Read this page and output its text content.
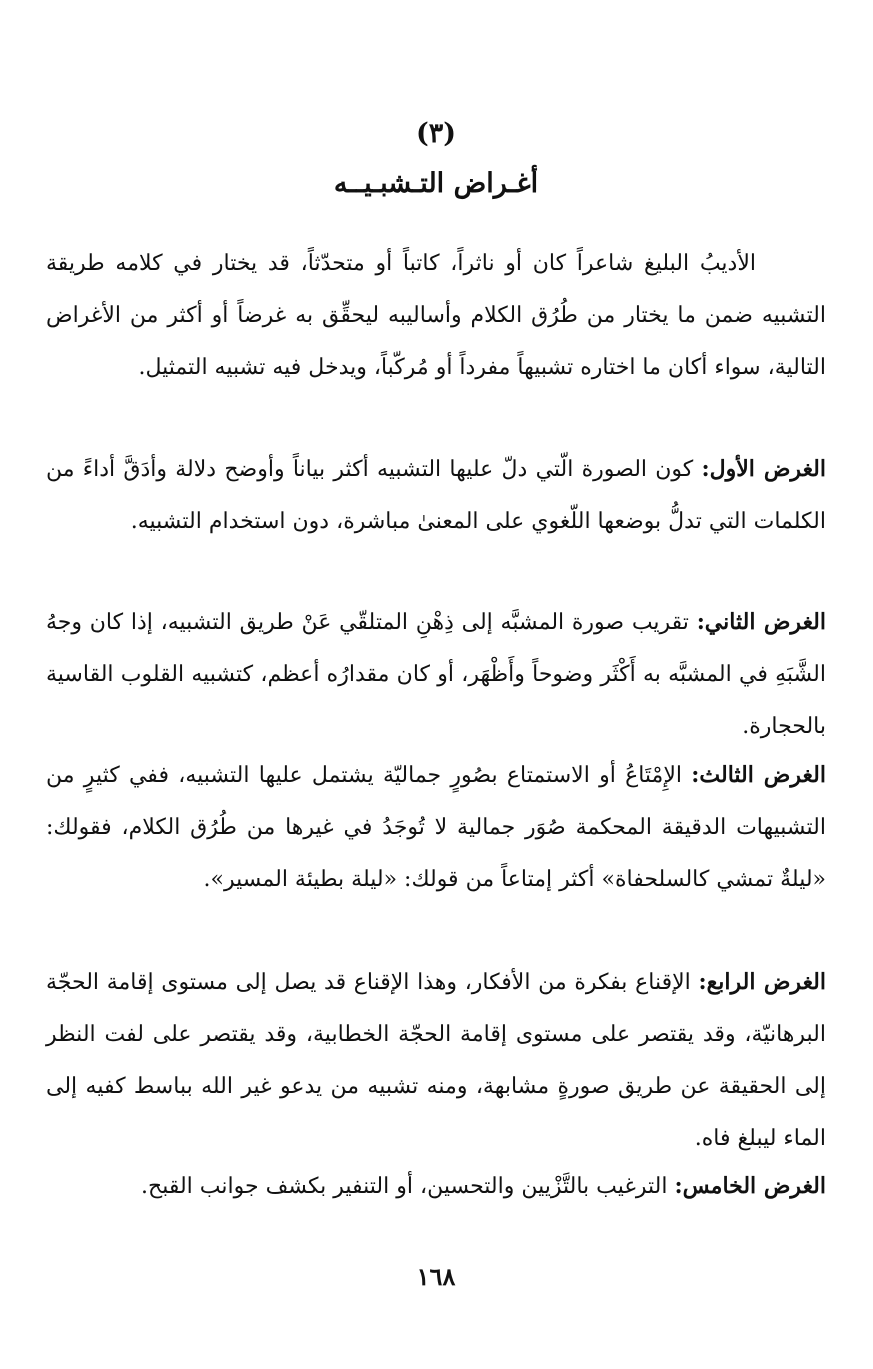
(٣)
أغـراض التـشبـيــه

الأديبُ البليغ شاعراً كان أو ناثراً، كاتباً أو متحدّثاً، قد يختار في كلامه طريقة التشبيه ضمن ما يختار من طُرُق الكلام وأساليبه ليحقِّق به غرضاً أو أكثر من الأغراض التالية، سواء أكان ما اختاره تشبيهاً مفرداً أو مُركّباً، ويدخل فيه تشبيه التمثيل.

الغرض الأول: كون الصورة الّتي دلّ عليها التشبيه أكثر بياناً وأوضح دلالة وأدَقَّ أداءً من الكلمات التي تدلُّ بوضعها اللّغوي على المعنىٰ مباشرة، دون استخدام التشبيه.

الغرض الثاني: تقريب صورة المشبَّه إلى ذِهْنِ المتلقّي عَنْ طريق التشبيه، إذا كان وجهُ الشَّبَهِ في المشبَّه به أَكْثَر وضوحاً وأَظْهَر، أو كان مقدارُه أعظم، كتشبيه القلوب القاسية بالحجارة.

الغرض الثالث: الإِمْتَاعُ أو الاستمتاع بصُورٍ جماليّة يشتمل عليها التشبيه، ففي كثيرٍ من التشبيهات الدقيقة المحكمة صُوَر جمالية لا تُوجَدُ في غيرها من طُرُق الكلام، فقولك: «ليلةٌ تمشي كالسلحفاة» أكثر إمتاعاً من قولك: «ليلة بطيئة المسير».

الغرض الرابع: الإقناع بفكرة من الأفكار، وهذا الإقناع قد يصل إلى مستوى إقامة الحجّة البرهانيّة، وقد يقتصر على مستوى إقامة الحجّة الخطابية، وقد يقتصر على لفت النظر إلى الحقيقة عن طريق صورةٍ مشابهة، ومنه تشبيه من يدعو غير الله بباسط كفيه إلى الماء ليبلغ فاه.

الغرض الخامس: الترغيب بالتَّزْيين والتحسين، أو التنفير بكشف جوانب القبح.

١٦٨
